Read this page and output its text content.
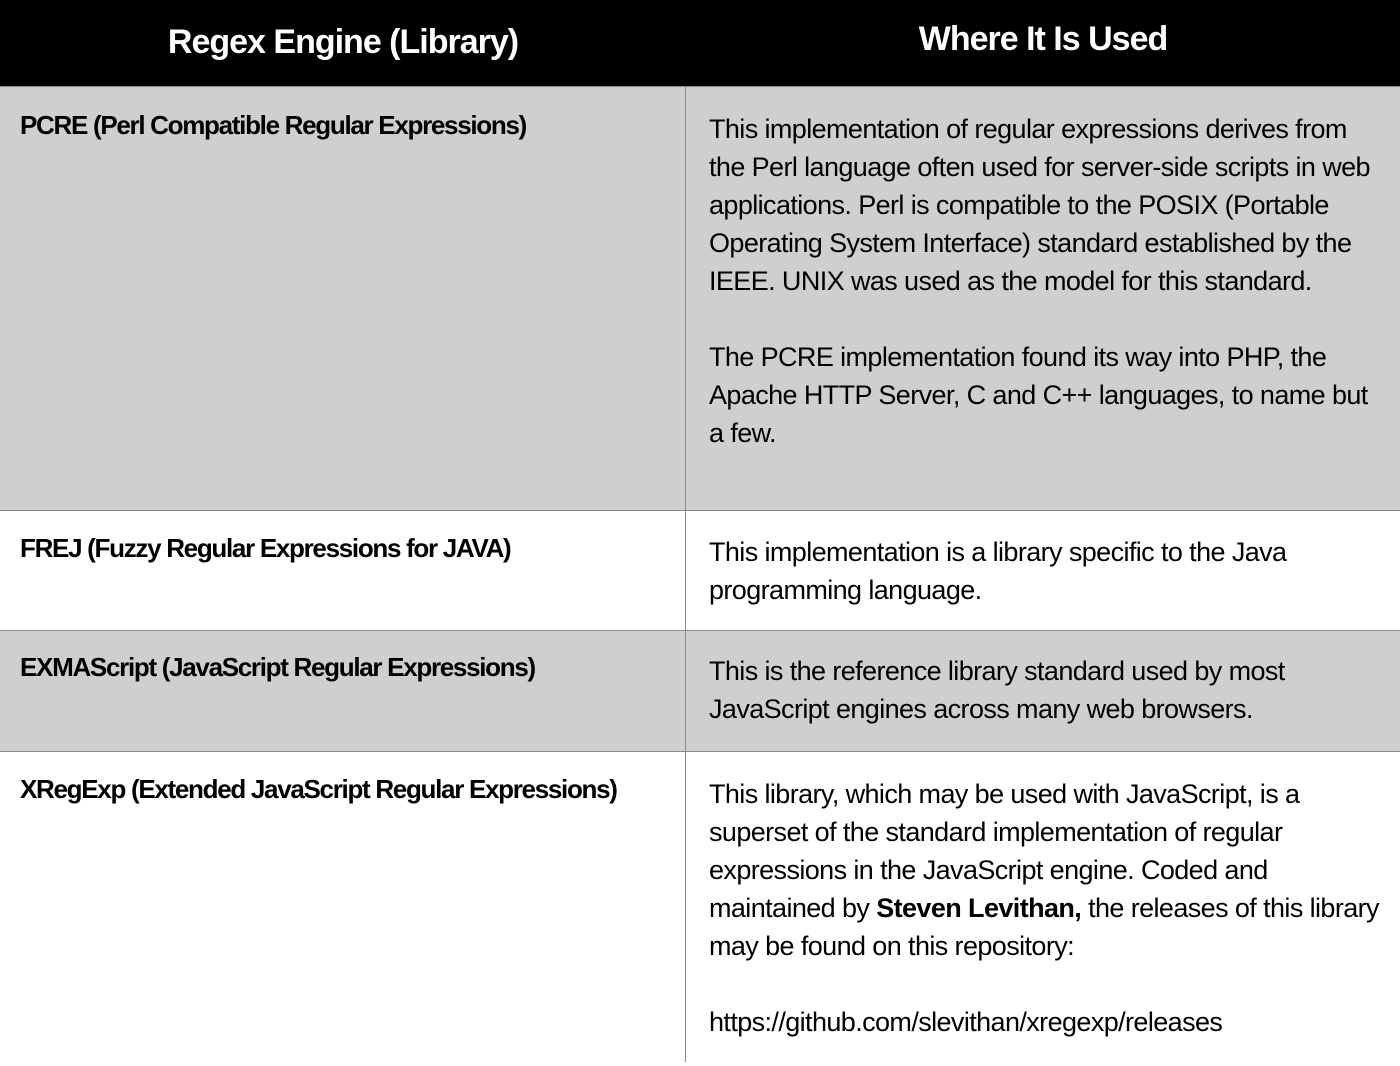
Regex Engine (Library)	Where It Is Used
PCRE (Perl Compatible Regular Expressions)	This implementation of regular expressions derives from the Perl language often used for server-side scripts in web applications. Perl is compatible to the POSIX (Portable Operating System Interface) standard established by the IEEE. UNIX was used as the model for this standard.

The PCRE implementation found its way into PHP, the Apache HTTP Server, C and C++ languages, to name but a few.

FREJ (Fuzzy Regular Expressions for JAVA)	This implementation is a library specific to the Java programming language.

EXMAScript (JavaScript Regular Expressions)	This is the reference library standard used by most JavaScript engines across many web browsers.

XRegExp (Extended JavaScript Regular Expressions)	This library, which may be used with JavaScript, is a superset of the standard implementation of regular expressions in the JavaScript engine. Coded and maintained by Steven Levithan, the releases of this library may be found on this repository:

https://github.com/slevithan/xregexp/releases
